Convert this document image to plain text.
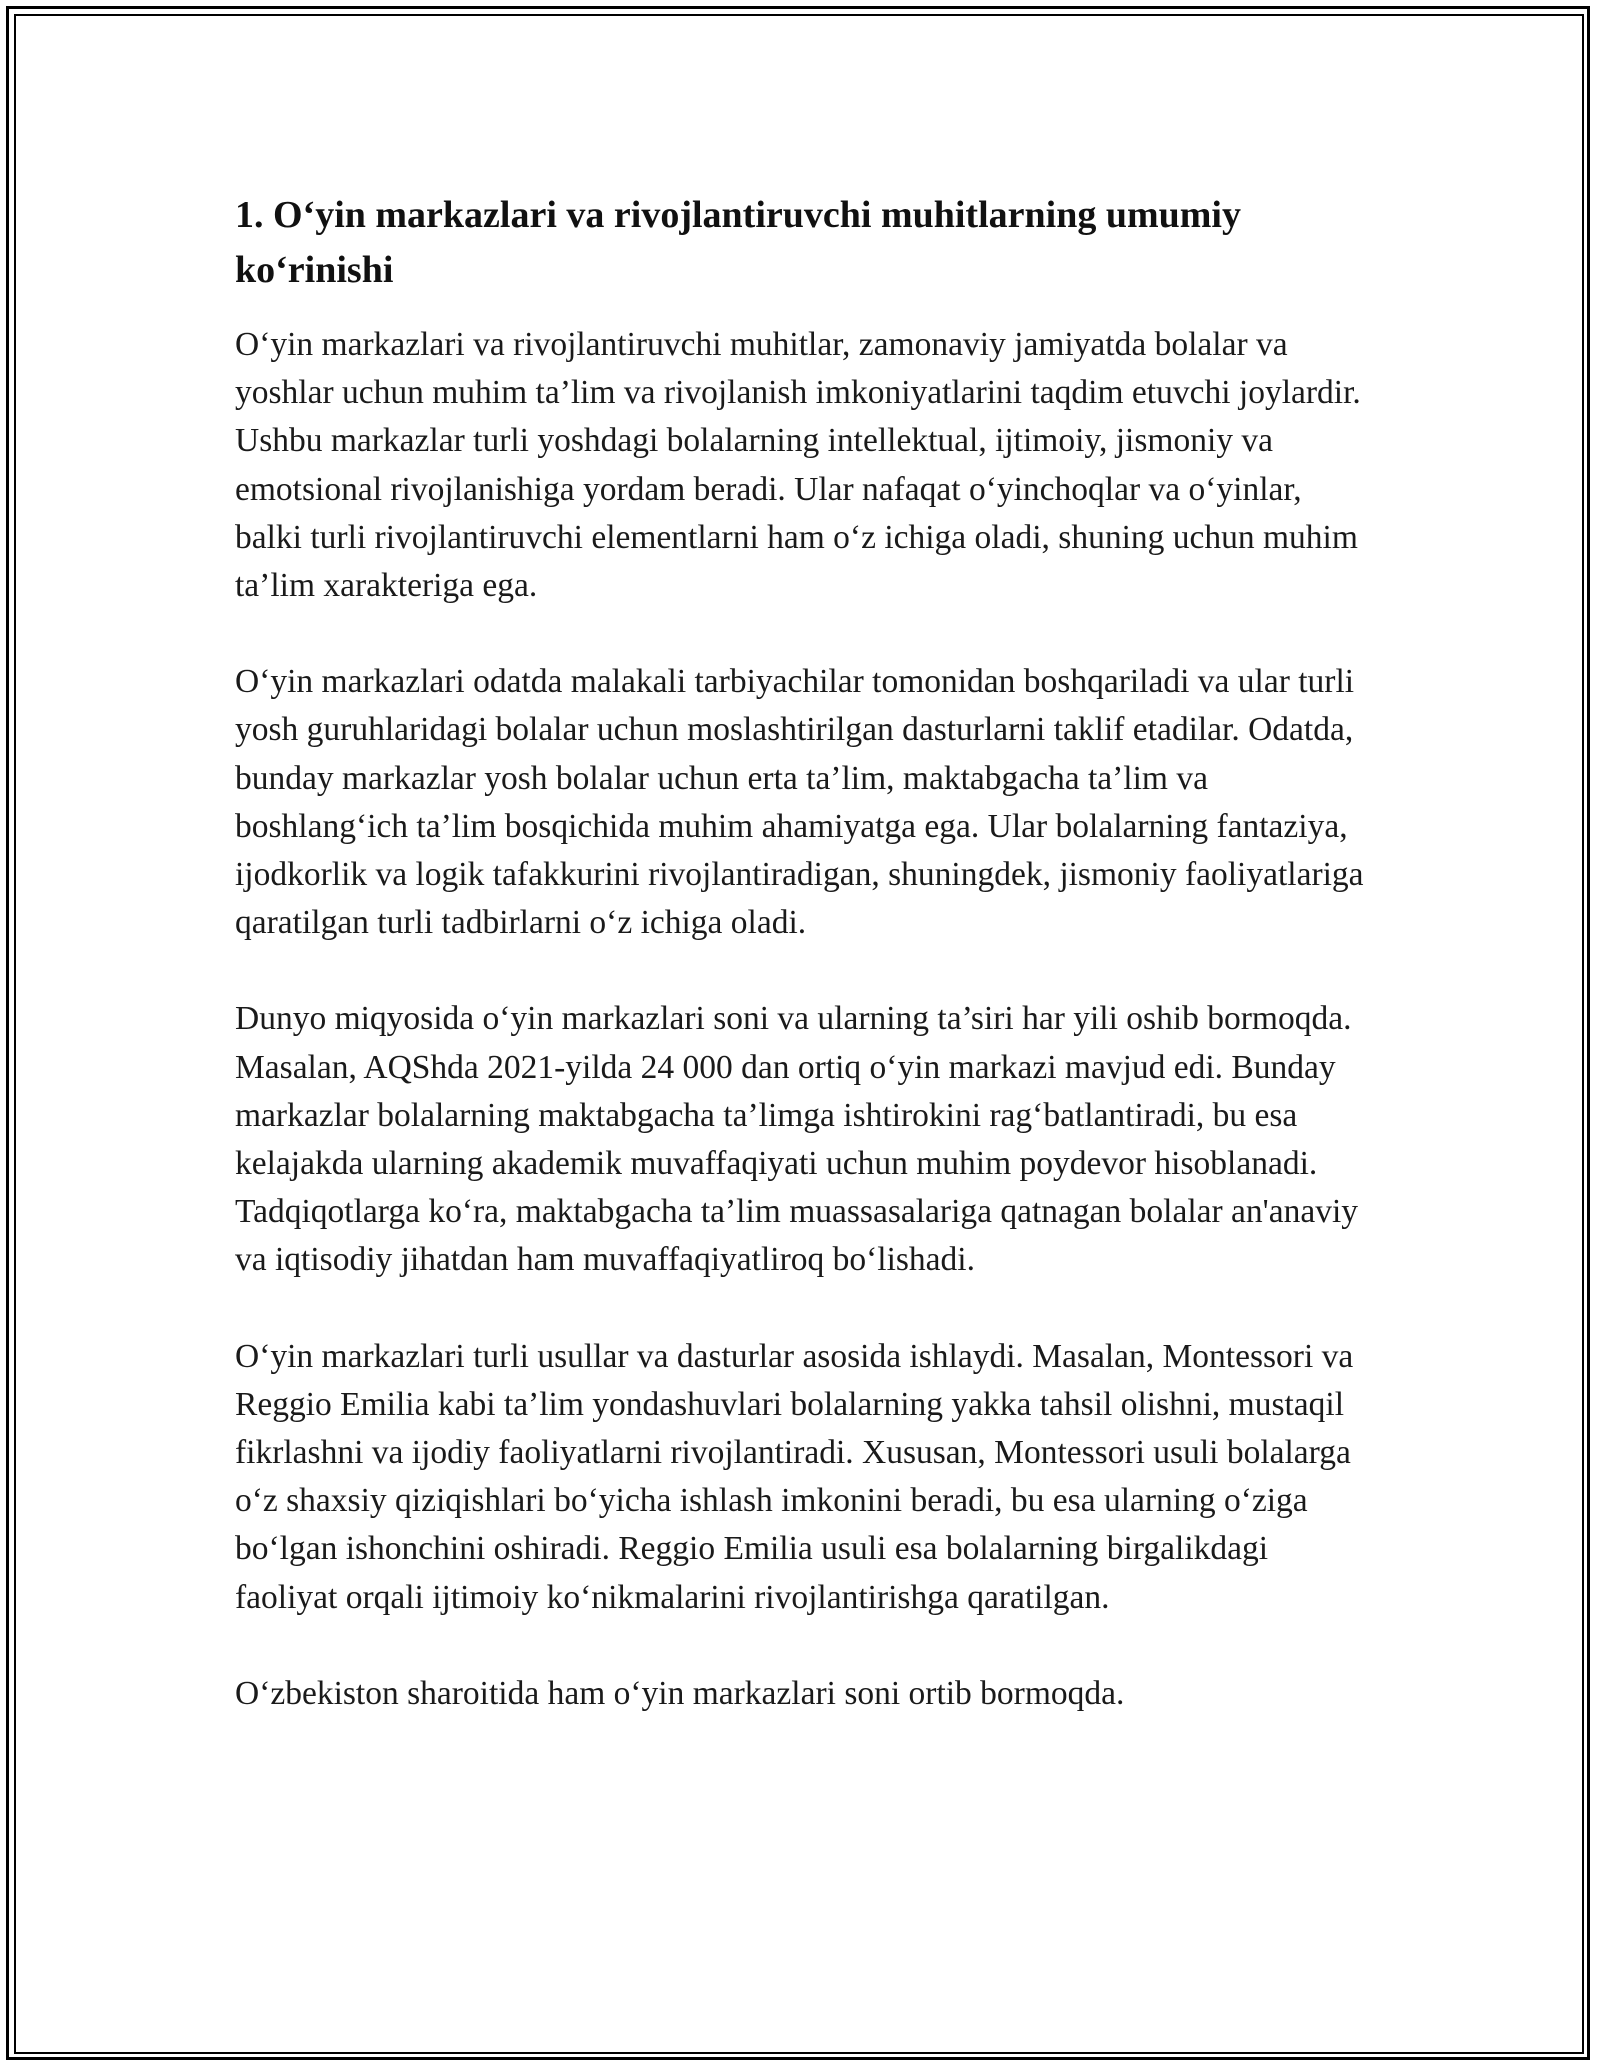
1. O‘yin markazlari va rivojlantiruvchi muhitlarning umumiy ko‘rinishi

O‘yin markazlari va rivojlantiruvchi muhitlar, zamonaviy jamiyatda bolalar va yoshlar uchun muhim ta’lim va rivojlanish imkoniyatlarini taqdim etuvchi joylardir. Ushbu markazlar turli yoshdagi bolalarning intellektual, ijtimoiy, jismoniy va emotsional rivojlanishiga yordam beradi. Ular nafaqat o‘yinchoqlar va o‘yinlar, balki turli rivojlantiruvchi elementlarni ham o‘z ichiga oladi, shuning uchun muhim ta’lim xarakteriga ega.

O‘yin markazlari odatda malakali tarbiyachilar tomonidan boshqariladi va ular turli yosh guruhlaridagi bolalar uchun moslashtirilgan dasturlarni taklif etadilar. Odatda, bunday markazlar yosh bolalar uchun erta ta’lim, maktabgacha ta’lim va boshlang‘ich ta’lim bosqichida muhim ahamiyatga ega. Ular bolalarning fantaziya, ijodkorlik va logik tafakkurini rivojlantiradigan, shuningdek, jismoniy faoliyatlariga qaratilgan turli tadbirlarni o‘z ichiga oladi.

Dunyo miqyosida o‘yin markazlari soni va ularning ta’siri har yili oshib bormoqda. Masalan, AQShda 2021-yilda 24 000 dan ortiq o‘yin markazi mavjud edi. Bunday markazlar bolalarning maktabgacha ta’limga ishtirokini rag‘batlantiradi, bu esa kelajakda ularning akademik muvaffaqiyati uchun muhim poydevor hisoblanadi. Tadqiqotlarga ko‘ra, maktabgacha ta’lim muassasalariga qatnagan bolalar an'anaviy va iqtisodiy jihatdan ham muvaffaqiyatliroq bo‘lishadi.

O‘yin markazlari turli usullar va dasturlar asosida ishlaydi. Masalan, Montessori va Reggio Emilia kabi ta’lim yondashuvlari bolalarning yakka tahsil olishni, mustaqil fikrlashni va ijodiy faoliyatlarni rivojlantiradi. Xususan, Montessori usuli bolalarga o‘z shaxsiy qiziqishlari bo‘yicha ishlash imkonini beradi, bu esa ularning o‘ziga bo‘lgan ishonchini oshiradi. Reggio Emilia usuli esa bolalarning birgalikdagi faoliyat orqali ijtimoiy ko‘nikmalarini rivojlantirishga qaratilgan.

O‘zbekiston sharoitida ham o‘yin markazlari soni ortib bormoqda.
